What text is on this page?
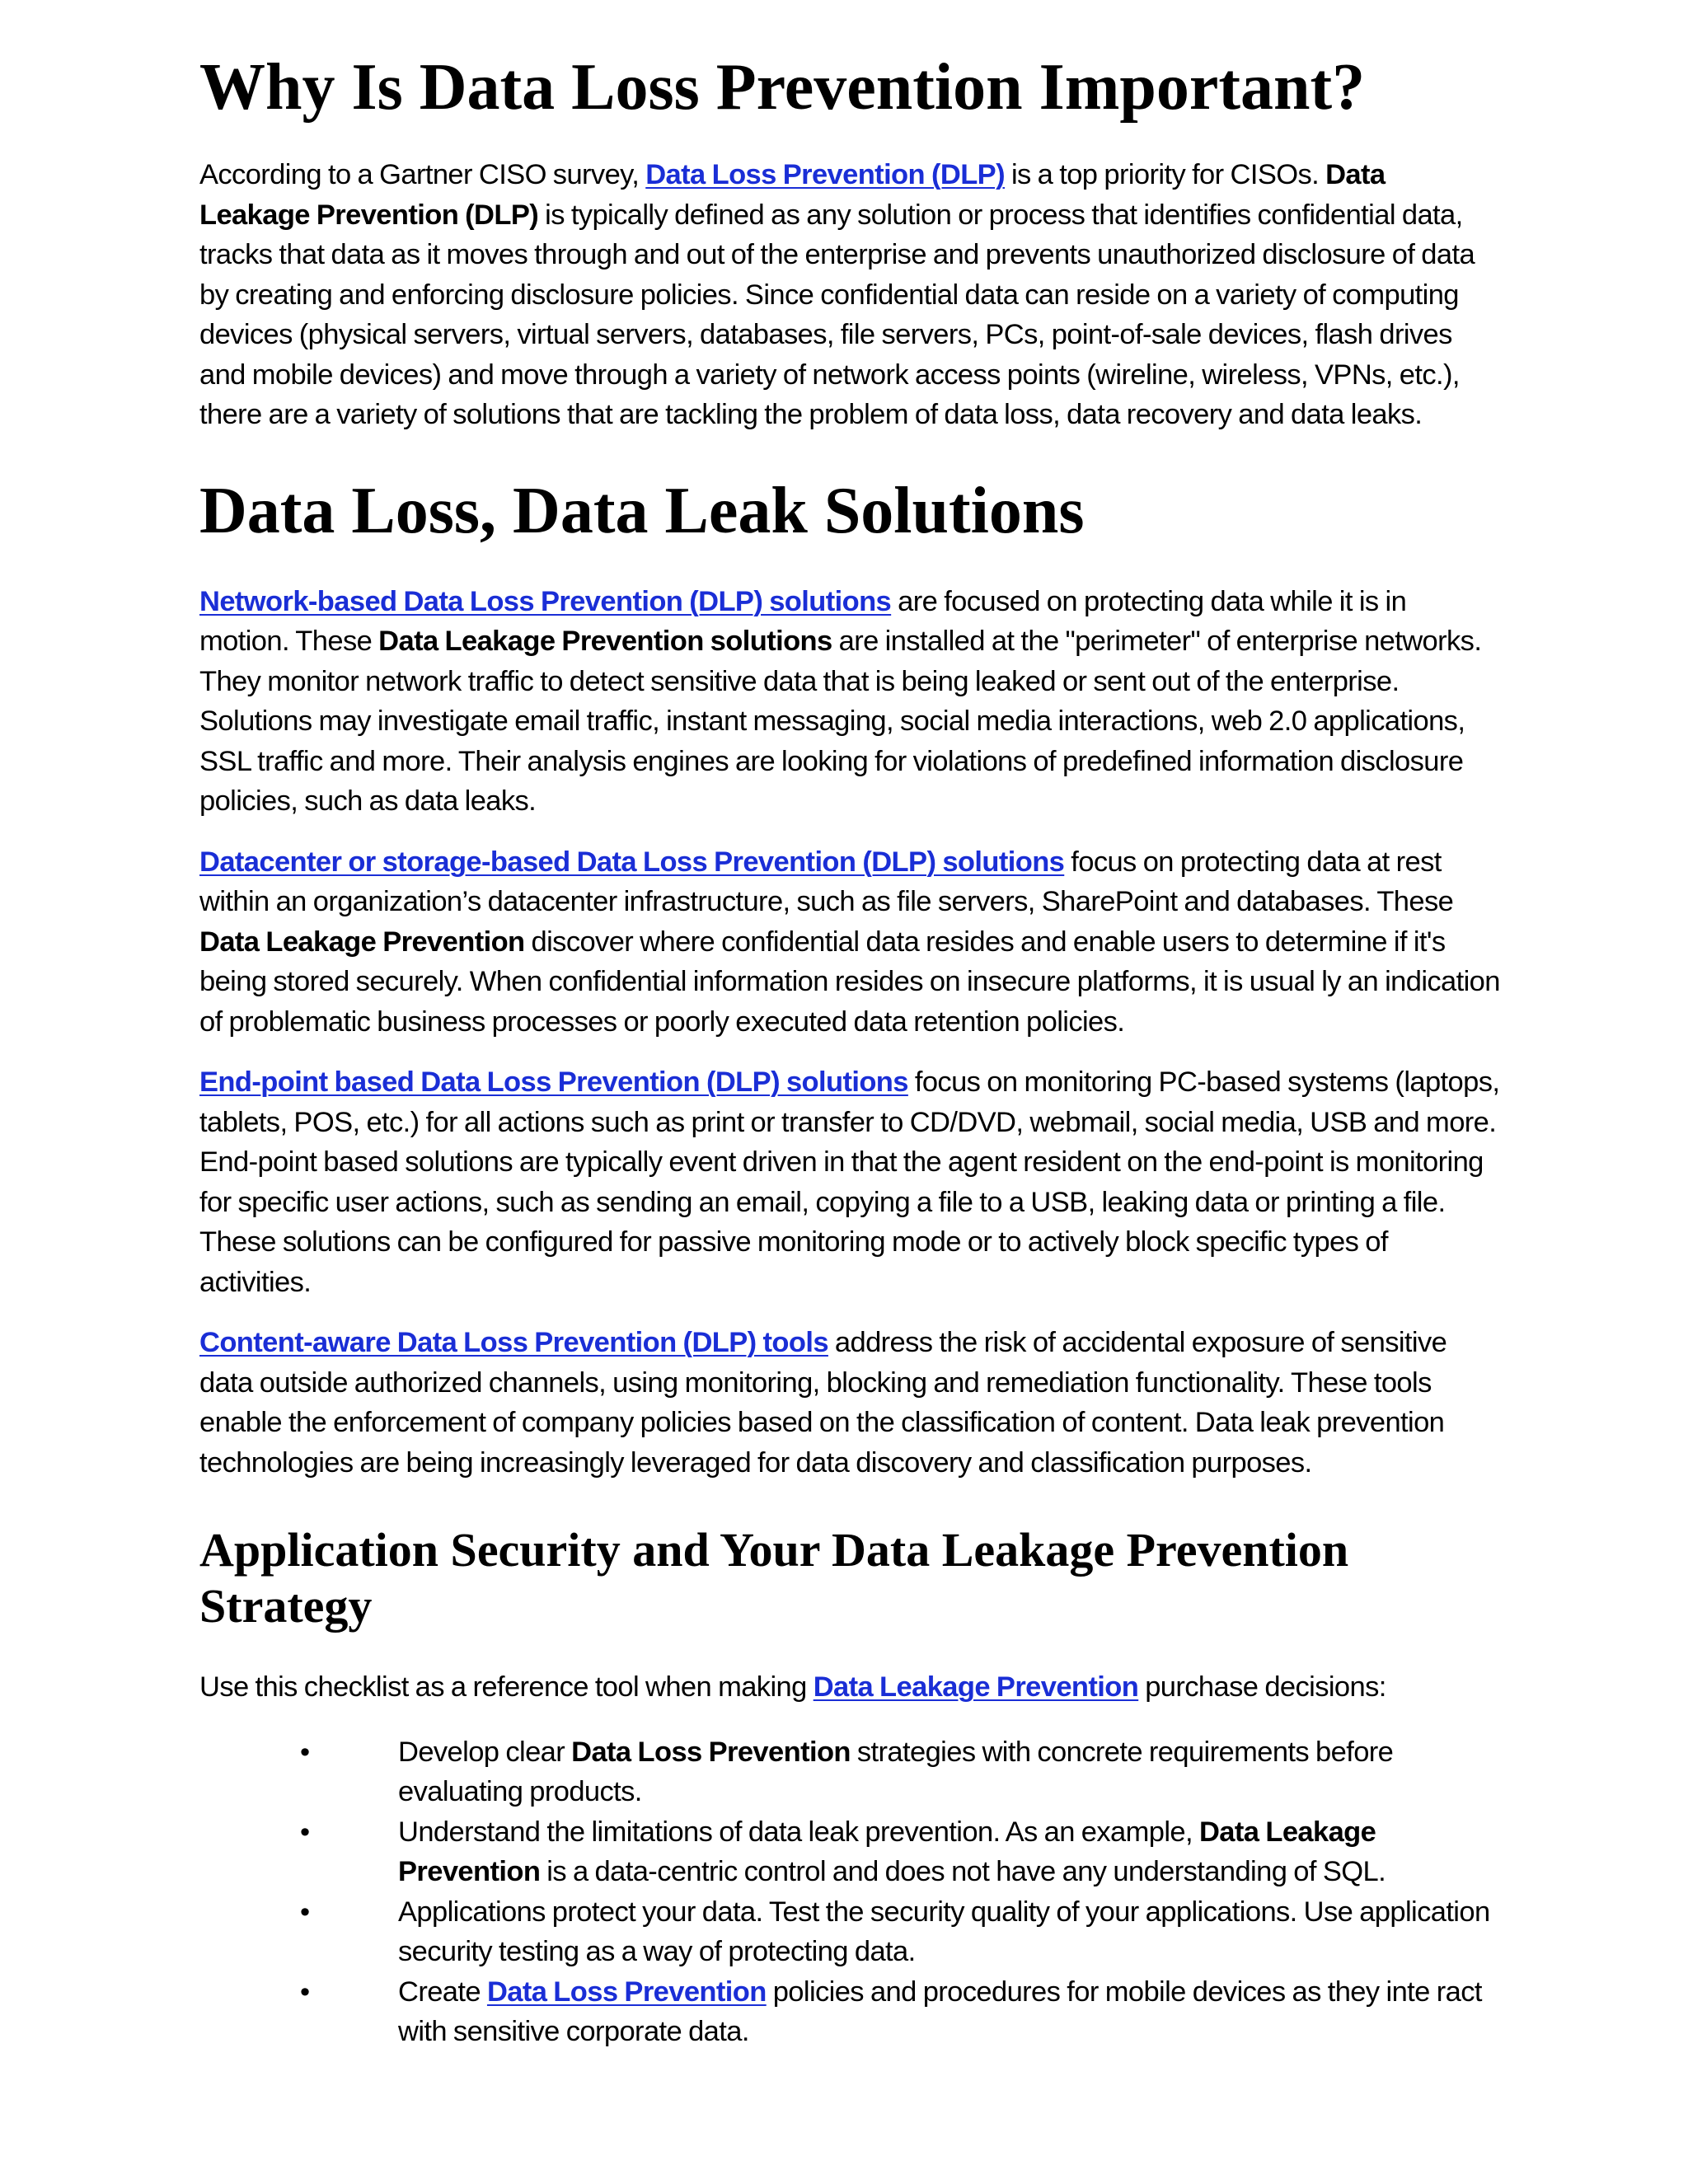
Why Is Data Loss Prevention Important?

According to a Gartner CISO survey, Data Loss Prevention (DLP) is a top priority for CISOs. Data Leakage Prevention (DLP) is typically defined as any solution or process that identifies confidential data, tracks that data as it moves through and out of the enterprise and prevents unauthorized disclosure of data by creating and enforcing disclosure policies. Since confidential data can reside on a variety of computing devices (physical servers, virtual servers, databases, file servers, PCs, point-of-sale devices, flash drives and mobile devices) and move through a variety of network access points (wireline, wireless, VPNs, etc.), there are a variety of solutions that are tackling the problem of data loss, data recovery and data leaks.

Data Loss, Data Leak Solutions

Network-based Data Loss Prevention (DLP) solutions are focused on protecting data while it is in motion. These Data Leakage Prevention solutions are installed at the "perimeter" of enterprise networks. They monitor network traffic to detect sensitive data that is being leaked or sent out of the enterprise. Solutions may investigate email traffic, instant messaging, social media interactions, web 2.0 applications, SSL traffic and more. Their analysis engines are looking for violations of predefined information disclosure policies, such as data leaks.

Datacenter or storage-based Data Loss Prevention (DLP) solutions focus on protecting data at rest within an organization’s datacenter infrastructure, such as file servers, SharePoint and databases. These Data Leakage Prevention discover where confidential data resides and enable users to determine if it's being stored securely. When confidential information resides on insecure platforms, it is usual ly an indication of problematic business processes or poorly executed data retention policies.

End-point based Data Loss Prevention (DLP) solutions focus on monitoring PC-based systems (laptops, tablets, POS, etc.) for all actions such as print or transfer to CD/DVD, webmail, social media, USB and more. End-point based solutions are typically event driven in that the agent resident on the end-point is monitoring for specific user actions, such as sending an email, copying a file to a USB, leaking data or printing a file. These solutions can be configured for passive monitoring mode or to actively block specific types of activities.

Content-aware Data Loss Prevention (DLP) tools address the risk of accidental exposure of sensitive data outside authorized channels, using monitoring, blocking and remediation functionality. These tools enable the enforcement of company policies based on the classification of content. Data leak prevention technologies are being increasingly leveraged for data discovery and classification purposes.

Application Security and Your Data Leakage Prevention Strategy

Use this checklist as a reference tool when making Data Leakage Prevention purchase decisions:

•	Develop clear Data Loss Prevention strategies with concrete requirements before evaluating products.
•	Understand the limitations of data leak prevention. As an example, Data Leakage Prevention is a data-centric control and does not have any understanding of SQL.
•	Applications protect your data. Test the security quality of your applications. Use application security testing as a way of protecting data.
•	Create Data Loss Prevention policies and procedures for mobile devices as they inte ract with sensitive corporate data.
